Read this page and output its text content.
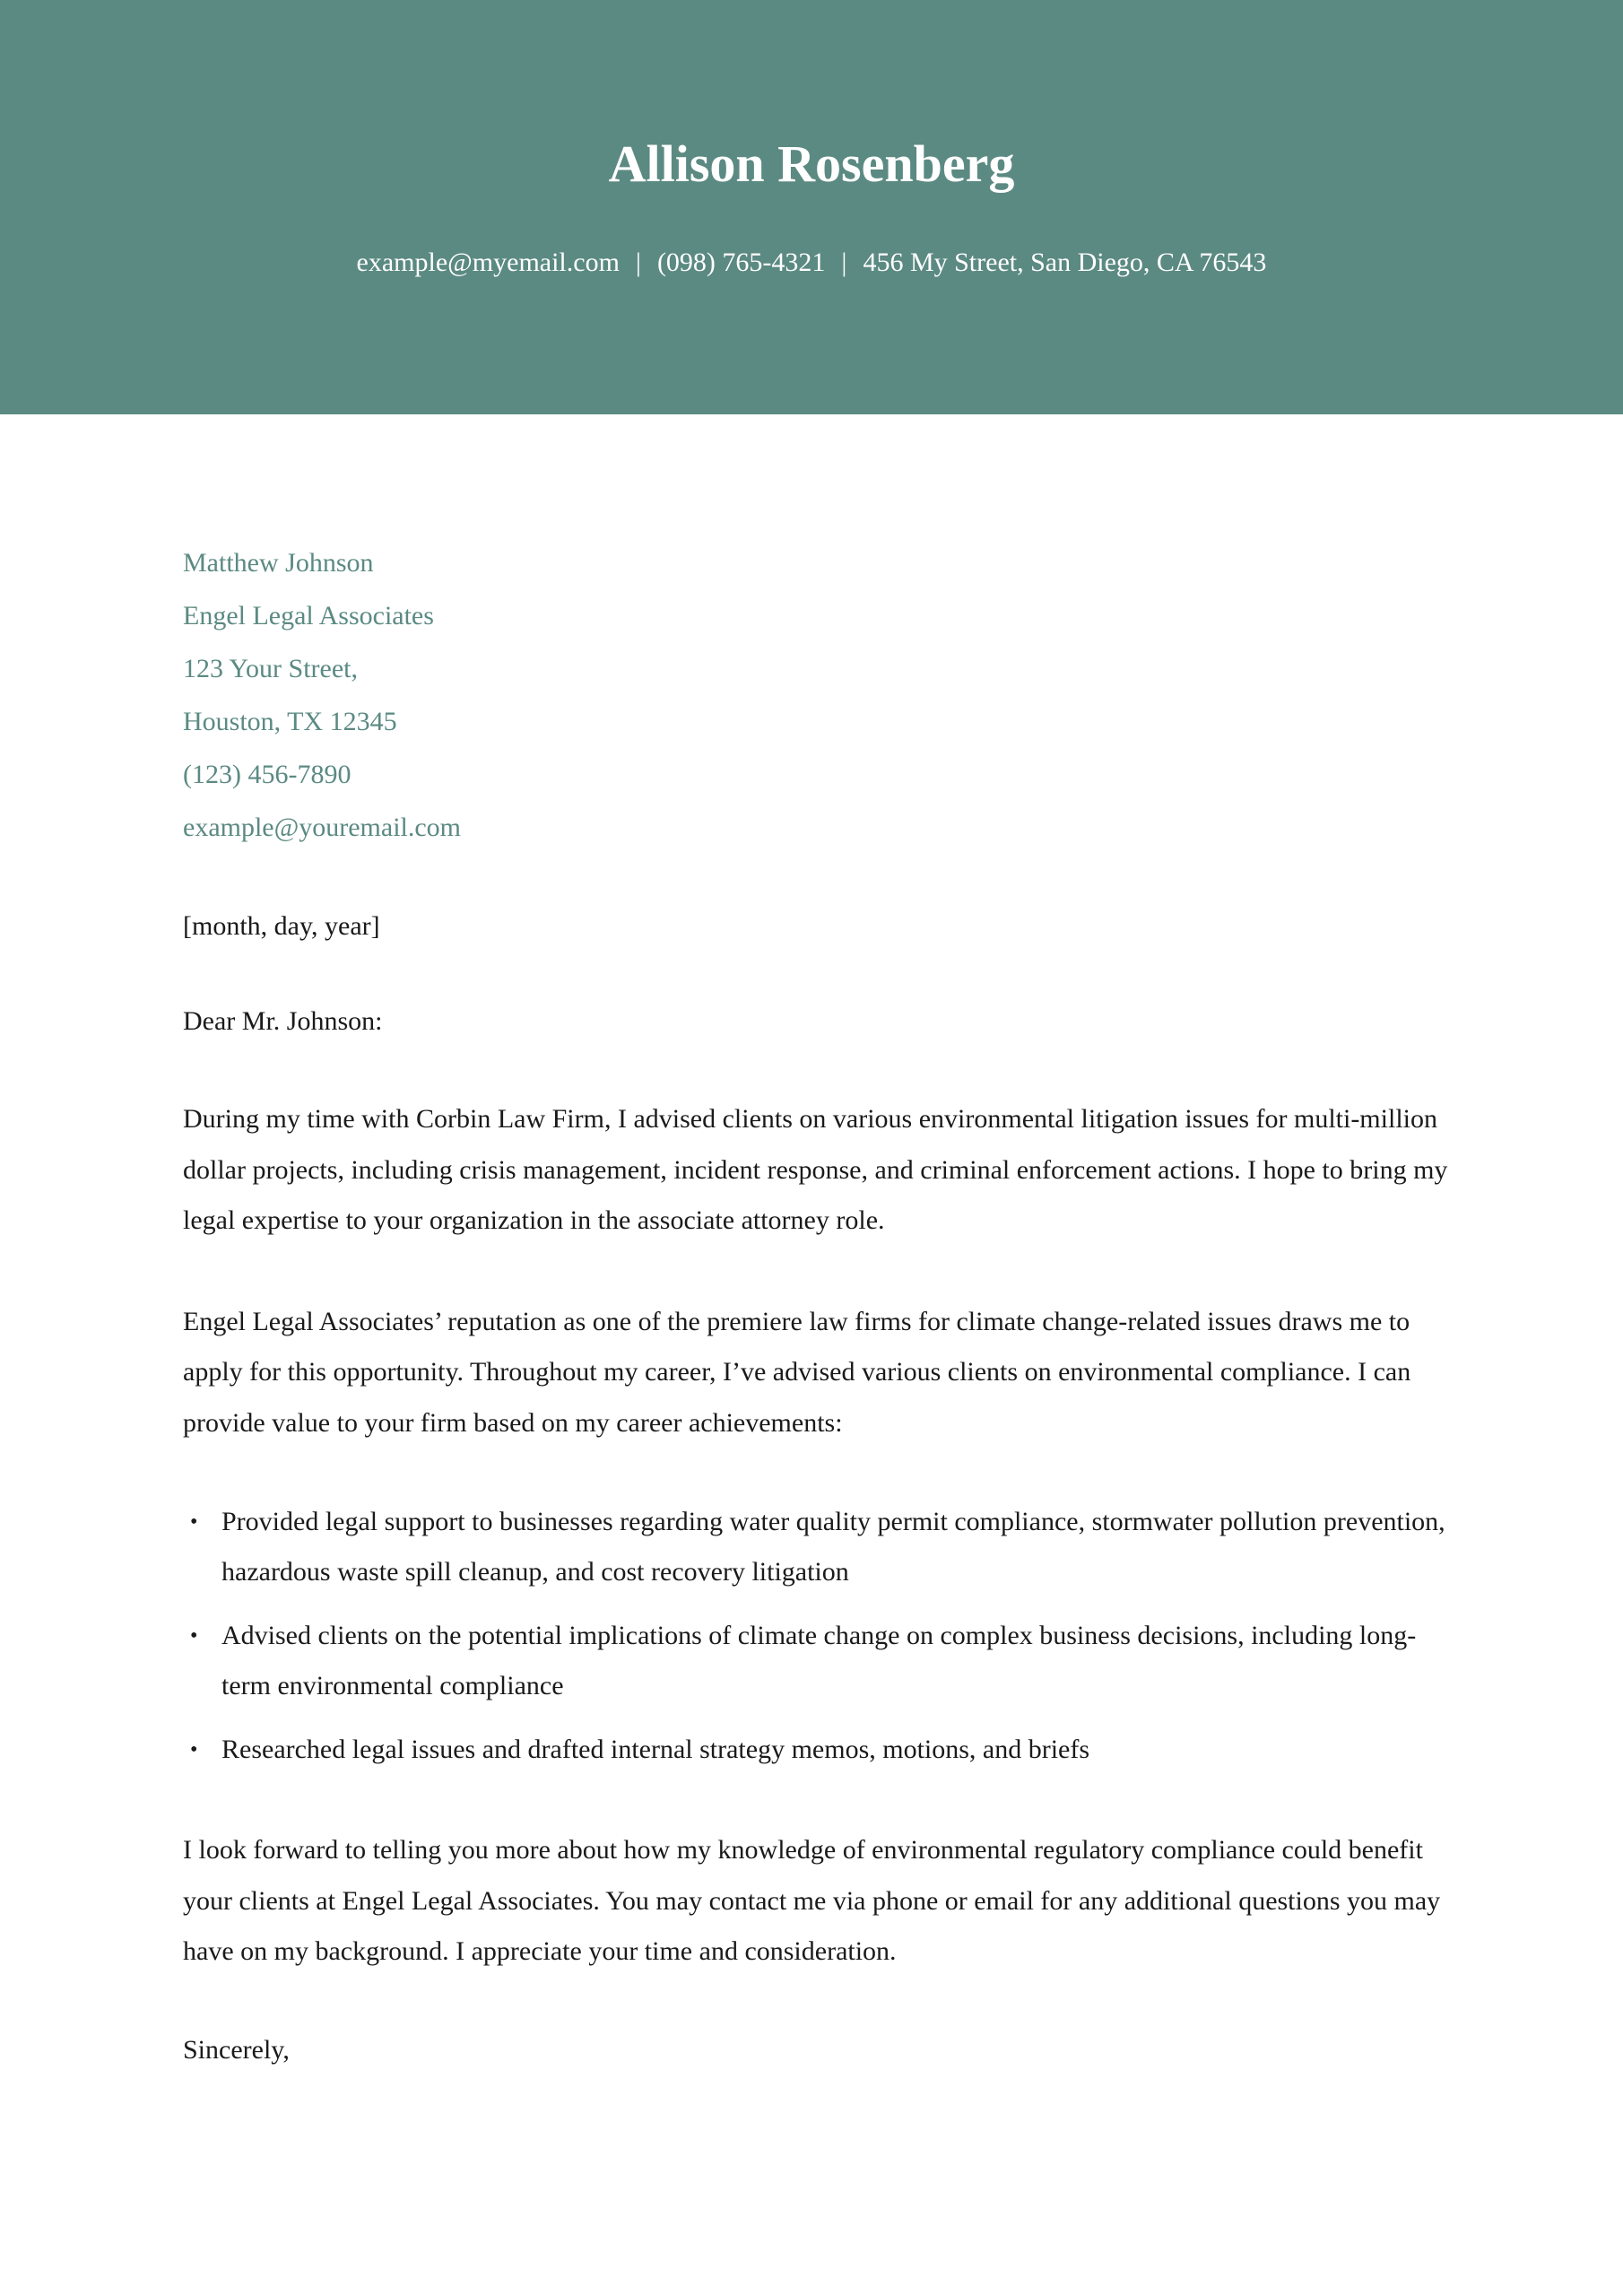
Allison Rosenberg
example@myemail.com | (098) 765-4321 | 456 My Street, San Diego, CA 76543
Matthew Johnson
Engel Legal Associates
123 Your Street,
Houston, TX 12345
(123) 456-7890
example@youremail.com

[month, day, year]

Dear Mr. Johnson:

During my time with Corbin Law Firm, I advised clients on various environmental litigation issues for multi-million dollar projects, including crisis management, incident response, and criminal enforcement actions. I hope to bring my legal expertise to your organization in the associate attorney role.

Engel Legal Associates’ reputation as one of the premiere law firms for climate change-related issues draws me to apply for this opportunity. Throughout my career, I’ve advised various clients on environmental compliance. I can provide value to your firm based on my career achievements:

• Provided legal support to businesses regarding water quality permit compliance, stormwater pollution prevention, hazardous waste spill cleanup, and cost recovery litigation
• Advised clients on the potential implications of climate change on complex business decisions, including long-term environmental compliance
• Researched legal issues and drafted internal strategy memos, motions, and briefs

I look forward to telling you more about how my knowledge of environmental regulatory compliance could benefit your clients at Engel Legal Associates. You may contact me via phone or email for any additional questions you may have on my background. I appreciate your time and consideration.

Sincerely,
